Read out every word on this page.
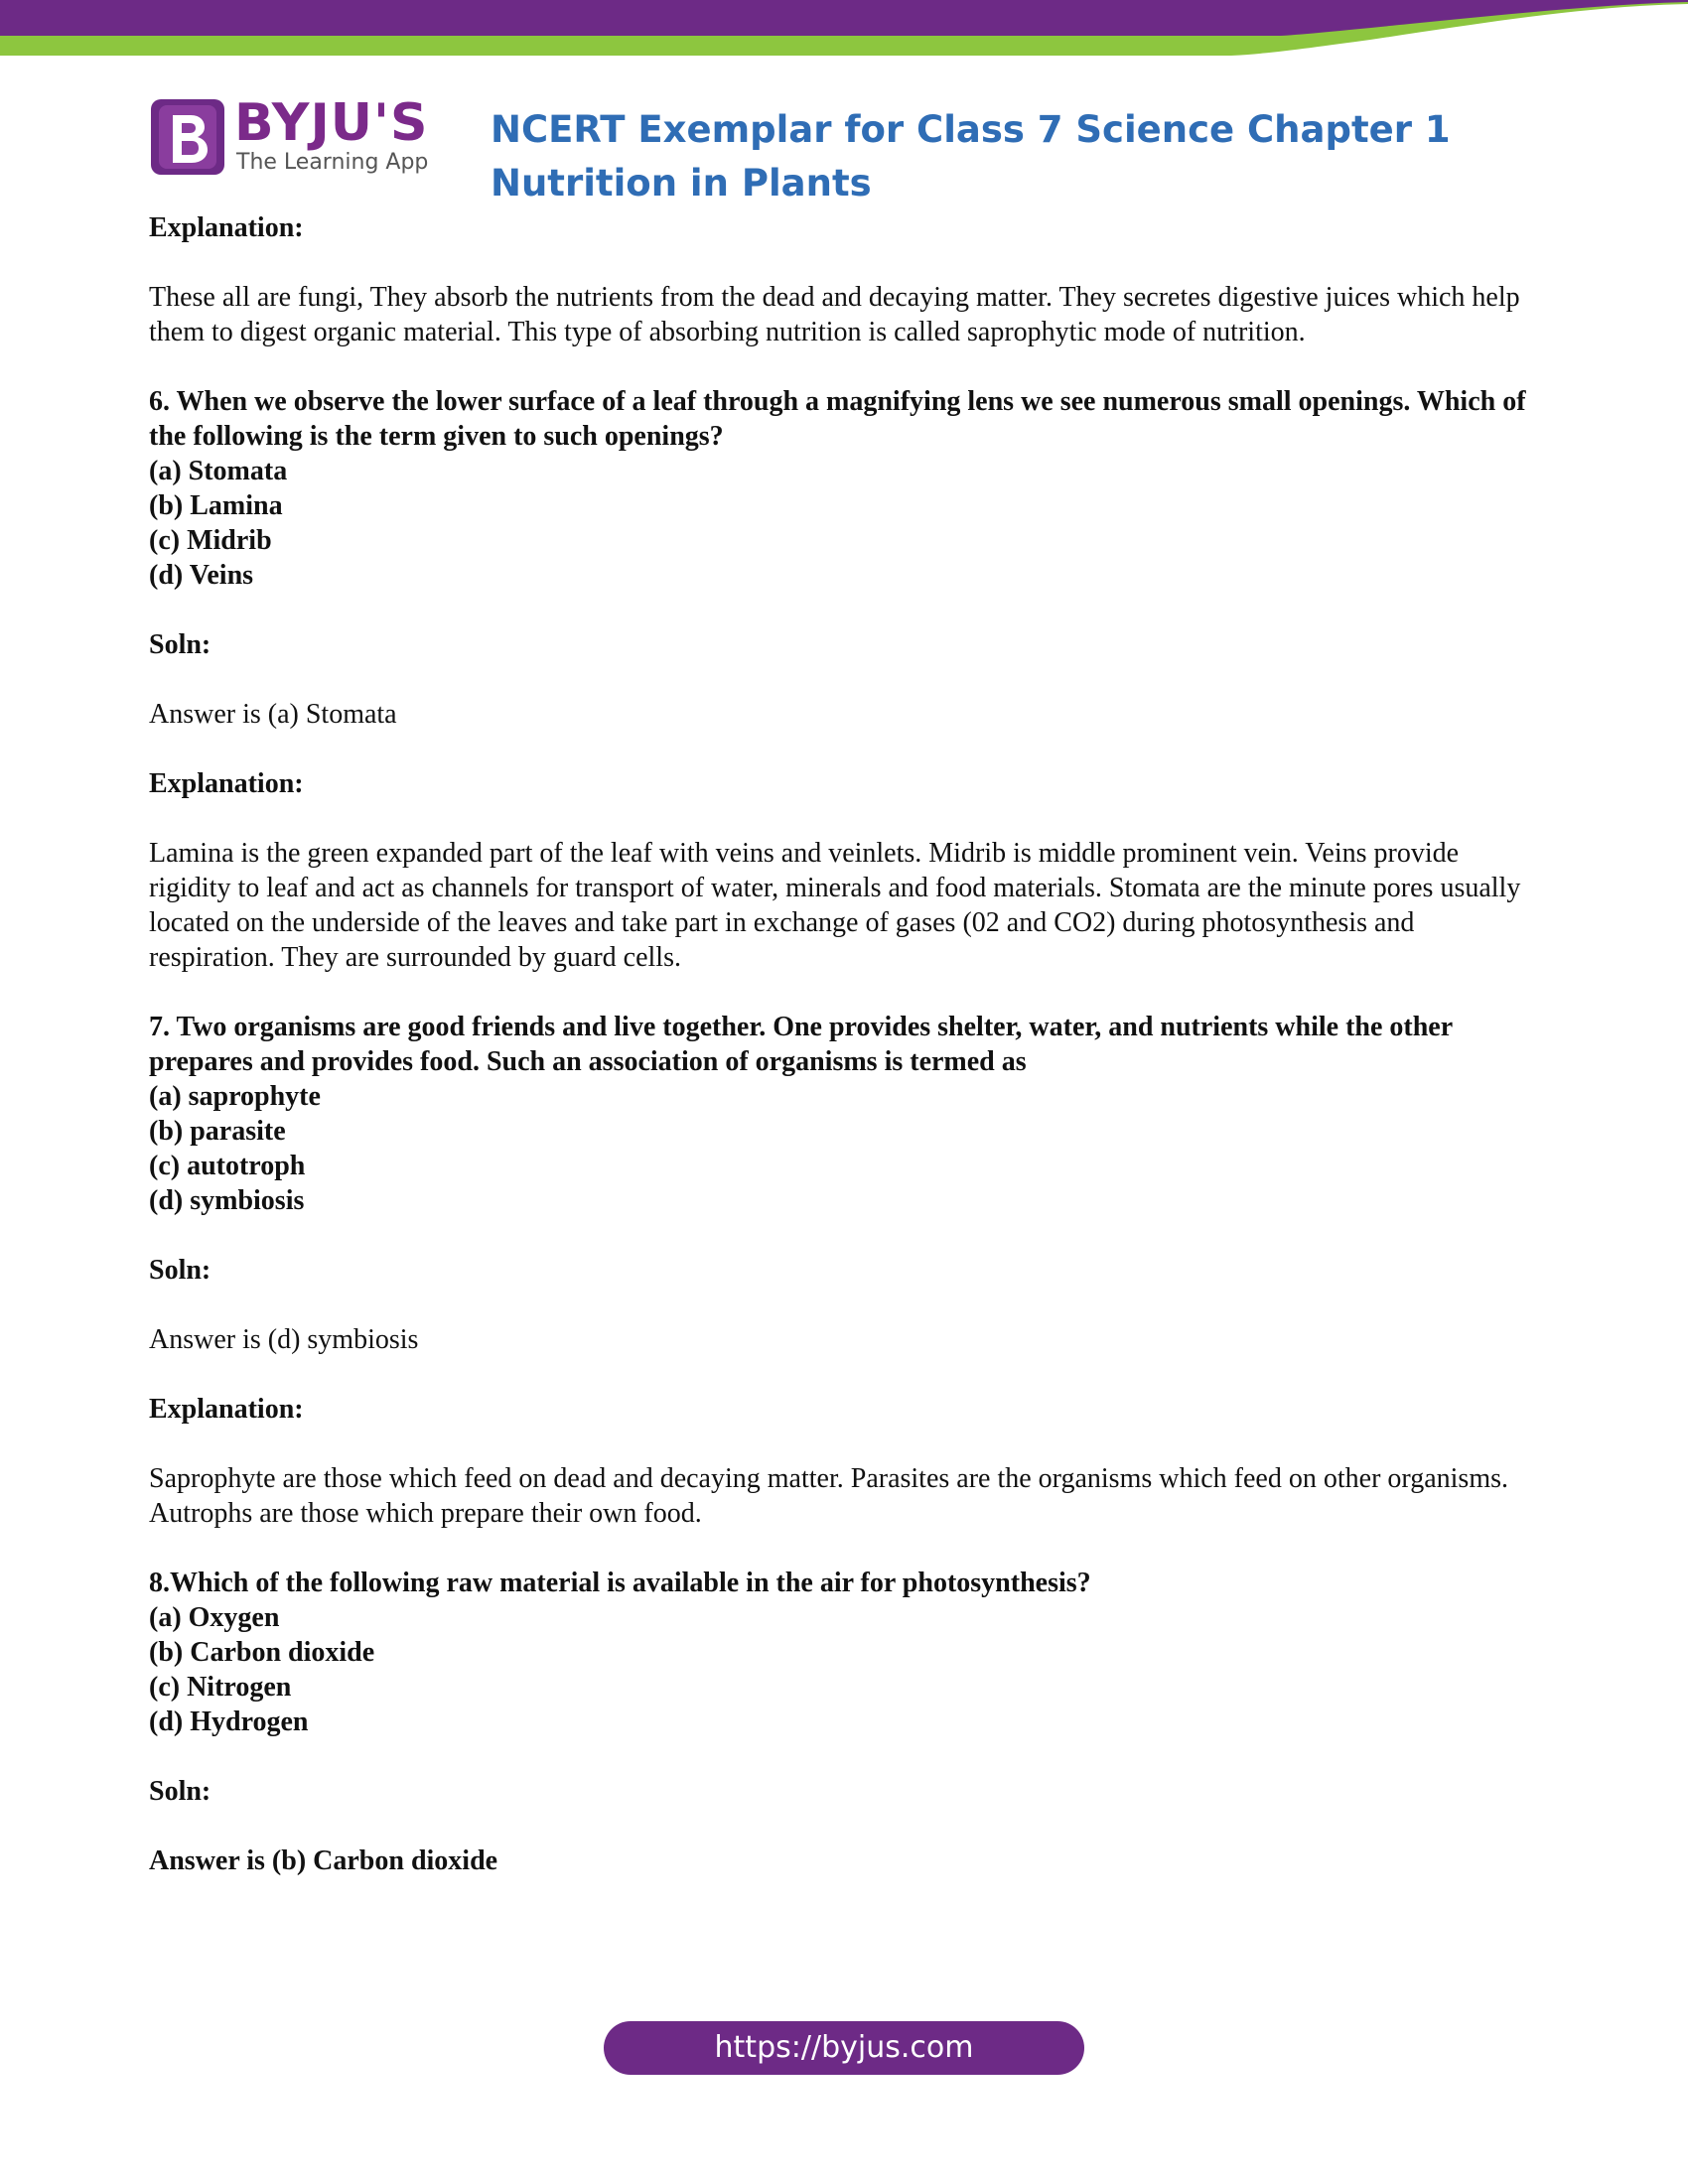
BYJU'S
The Learning App
NCERT Exemplar for Class 7 Science Chapter 1 Nutrition in Plants

Explanation:

These all are fungi, They absorb the nutrients from the dead and decaying matter. They secretes digestive juices which help them to digest organic material. This type of absorbing nutrition is called saprophytic mode of nutrition.

6. When we observe the lower surface of a leaf through a magnifying lens we see numerous small openings. Which of the following is the term given to such openings?

(a) Stomata

(b) Lamina

(c) Midrib

(d) Veins

Soln:

Answer is (a) Stomata

Explanation:

Lamina is the green expanded part of the leaf with veins and veinlets. Midrib is middle prominent vein. Veins provide rigidity to leaf and act as channels for transport of water, minerals and food materials. Stomata are the minute pores usually located on the underside of the leaves and take part in exchange of gases (02 and CO2) during photosynthesis and respiration. They are surrounded by guard cells.

7. Two organisms are good friends and live together. One provides shelter, water, and nutrients while the other prepares and provides food. Such an association of organisms is termed as

(a) saprophyte

(b) parasite

(c) autotroph

(d) symbiosis

Soln:

Answer is (d) symbiosis

Explanation:

Saprophyte are those which feed on dead and decaying matter. Parasites are the organisms which feed on other organisms. Autrophs are those which prepare their own food.

8.Which of the following raw material is available in the air for photosynthesis?

(a) Oxygen

(b) Carbon dioxide

(c) Nitrogen

(d) Hydrogen

Soln:

Answer is (b) Carbon dioxide

https://byjus.com
